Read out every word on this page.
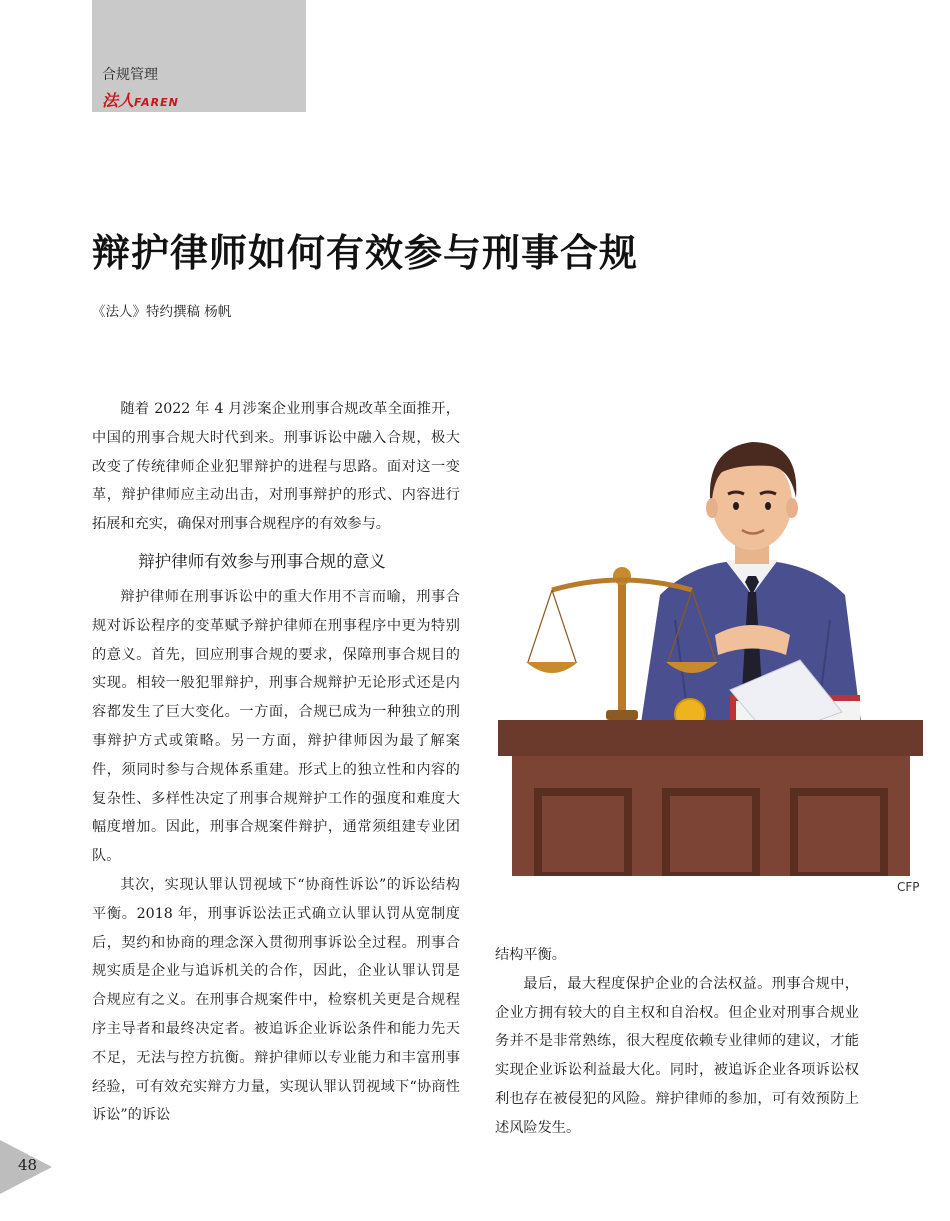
合规管理
法人FAREN
辩护律师如何有效参与刑事合规
《法人》特约撰稿 杨帆

随着 2022 年 4 月涉案企业刑事合规改革全面推开，中国的刑事合规大时代到来。刑事诉讼中融入合规，极大改变了传统律师企业犯罪辩护的进程与思路。面对这一变革，辩护律师应主动出击，对刑事辩护的形式、内容进行拓展和充实，确保对刑事合规程序的有效参与。

辩护律师有效参与刑事合规的意义

辩护律师在刑事诉讼中的重大作用不言而喻，刑事合规对诉讼程序的变革赋予辩护律师在刑事程序中更为特别的意义。首先，回应刑事合规的要求，保障刑事合规目的实现。相较一般犯罪辩护，刑事合规辩护无论形式还是内容都发生了巨大变化。一方面，合规已成为一种独立的刑事辩护方式或策略。另一方面，辩护律师因为最了解案件，须同时参与合规体系重建。形式上的独立性和内容的复杂性、多样性决定了刑事合规辩护工作的强度和难度大幅度增加。因此，刑事合规案件辩护，通常须组建专业团队。

其次，实现认罪认罚视域下“协商性诉讼”的诉讼结构平衡。2018 年，刑事诉讼法正式确立认罪认罚从宽制度后，契约和协商的理念深入贯彻刑事诉讼全过程。刑事合规实质是企业与追诉机关的合作，因此，企业认罪认罚是合规应有之义。在刑事合规案件中，检察机关更是合规程序主导者和最终决定者。被追诉企业诉讼条件和能力先天不足，无法与控方抗衡。辩护律师以专业能力和丰富刑事经验，可有效充实辩方力量，实现认罪认罚视域下“协商性诉讼”的诉讼

CFP

结构平衡。

最后，最大程度保护企业的合法权益。刑事合规中，企业方拥有较大的自主权和自治权。但企业对刑事合规业务并不是非常熟练，很大程度依赖专业律师的建议，才能实现企业诉讼利益最大化。同时，被追诉企业各项诉讼权利也存在被侵犯的风险。辩护律师的参加，可有效预防上述风险发生。

48
